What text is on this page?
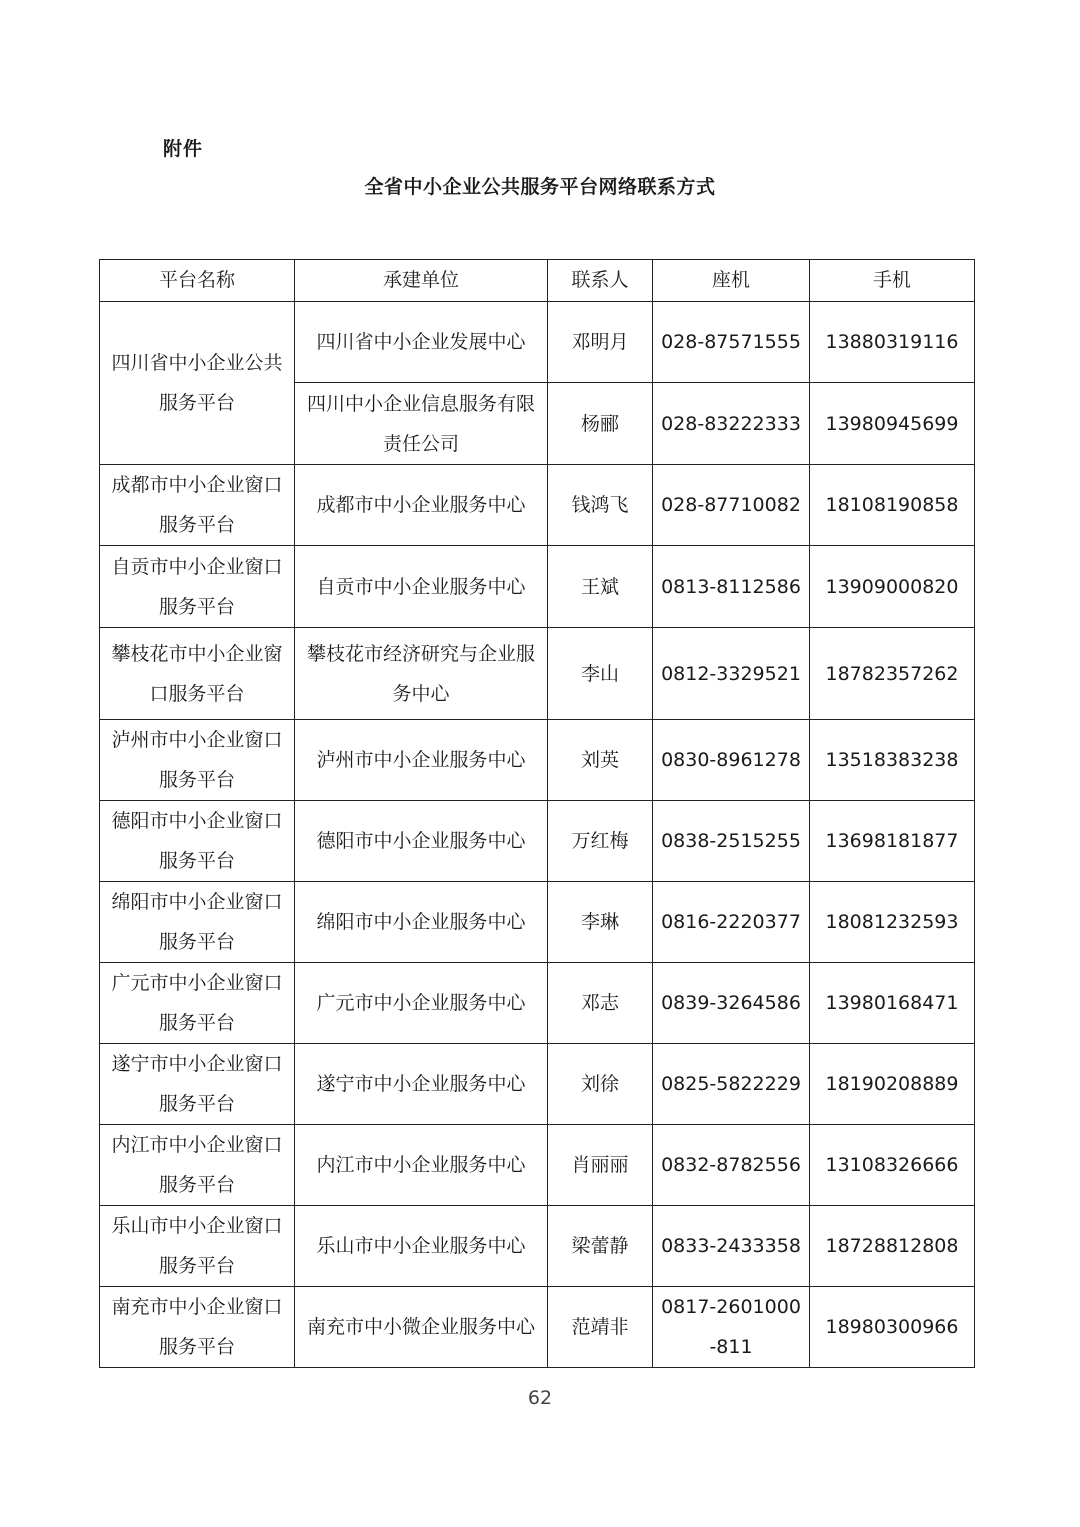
附件
全省中小企业公共服务平台网络联系方式
平台名称	承建单位	联系人	座机	手机
四川省中小企业公共服务平台	四川省中小企业发展中心	邓明月	028-87571555	13880319116
	四川中小企业信息服务有限责任公司	杨郦	028-83222333	13980945699
成都市中小企业窗口服务平台	成都市中小企业服务中心	钱鸿飞	028-87710082	18108190858
自贡市中小企业窗口服务平台	自贡市中小企业服务中心	王斌	0813-8112586	13909000820
攀枝花市中小企业窗口服务平台	攀枝花市经济研究与企业服务中心	李山	0812-3329521	18782357262
泸州市中小企业窗口服务平台	泸州市中小企业服务中心	刘英	0830-8961278	13518383238
德阳市中小企业窗口服务平台	德阳市中小企业服务中心	万红梅	0838-2515255	13698181877
绵阳市中小企业窗口服务平台	绵阳市中小企业服务中心	李琳	0816-2220377	18081232593
广元市中小企业窗口服务平台	广元市中小企业服务中心	邓志	0839-3264586	13980168471
遂宁市中小企业窗口服务平台	遂宁市中小企业服务中心	刘徐	0825-5822229	18190208889
内江市中小企业窗口服务平台	内江市中小企业服务中心	肖丽丽	0832-8782556	13108326666
乐山市中小企业窗口服务平台	乐山市中小企业服务中心	梁蕾静	0833-2433358	18728812808
南充市中小企业窗口服务平台	南充市中小微企业服务中心	范靖非	0817-2601000-811	18980300966
62
